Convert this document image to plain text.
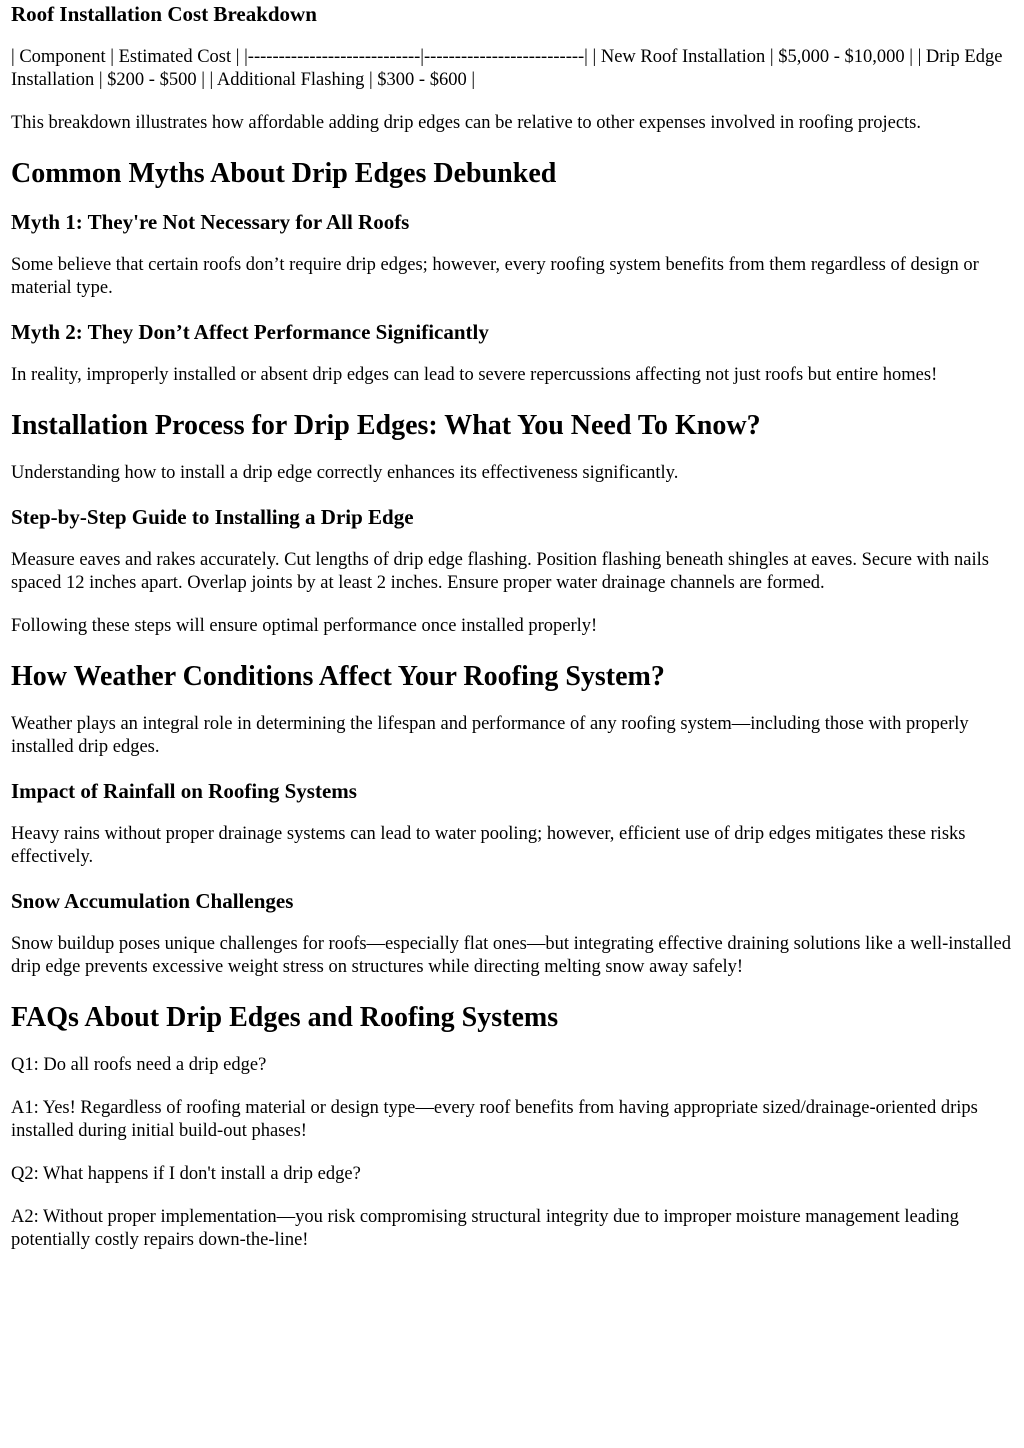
Roof Installation Cost Breakdown

| Component | Estimated Cost | |----------------------------|--------------------------| | New Roof Installation | $5,000 - $10,000 | | Drip Edge Installation | $200 - $500 | | Additional Flashing | $300 - $600 |

This breakdown illustrates how affordable adding drip edges can be relative to other expenses involved in roofing projects.

Common Myths About Drip Edges Debunked
Myth 1: They're Not Necessary for All Roofs

Some believe that certain roofs don’t require drip edges; however, every roofing system benefits from them regardless of design or material type.

Myth 2: They Don’t Affect Performance Significantly

In reality, improperly installed or absent drip edges can lead to severe repercussions affecting not just roofs but entire homes!

Installation Process for Drip Edges: What You Need To Know?

Understanding how to install a drip edge correctly enhances its effectiveness significantly.

Step-by-Step Guide to Installing a Drip Edge

Measure eaves and rakes accurately. Cut lengths of drip edge flashing. Position flashing beneath shingles at eaves. Secure with nails spaced 12 inches apart. Overlap joints by at least 2 inches. Ensure proper water drainage channels are formed.

Following these steps will ensure optimal performance once installed properly!

How Weather Conditions Affect Your Roofing System?

Weather plays an integral role in determining the lifespan and performance of any roofing system—including those with properly installed drip edges.

Impact of Rainfall on Roofing Systems

Heavy rains without proper drainage systems can lead to water pooling; however, efficient use of drip edges mitigates these risks effectively.

Snow Accumulation Challenges

Snow buildup poses unique challenges for roofs—especially flat ones—but integrating effective draining solutions like a well-installed drip edge prevents excessive weight stress on structures while directing melting snow away safely!

FAQs About Drip Edges and Roofing Systems

Q1: Do all roofs need a drip edge?

A1: Yes! Regardless of roofing material or design type—every roof benefits from having appropriate sized/drainage-oriented drips installed during initial build-out phases!

Q2: What happens if I don't install a drip edge?

A2: Without proper implementation—you risk compromising structural integrity due to improper moisture management leading potentially costly repairs down-the-line!
